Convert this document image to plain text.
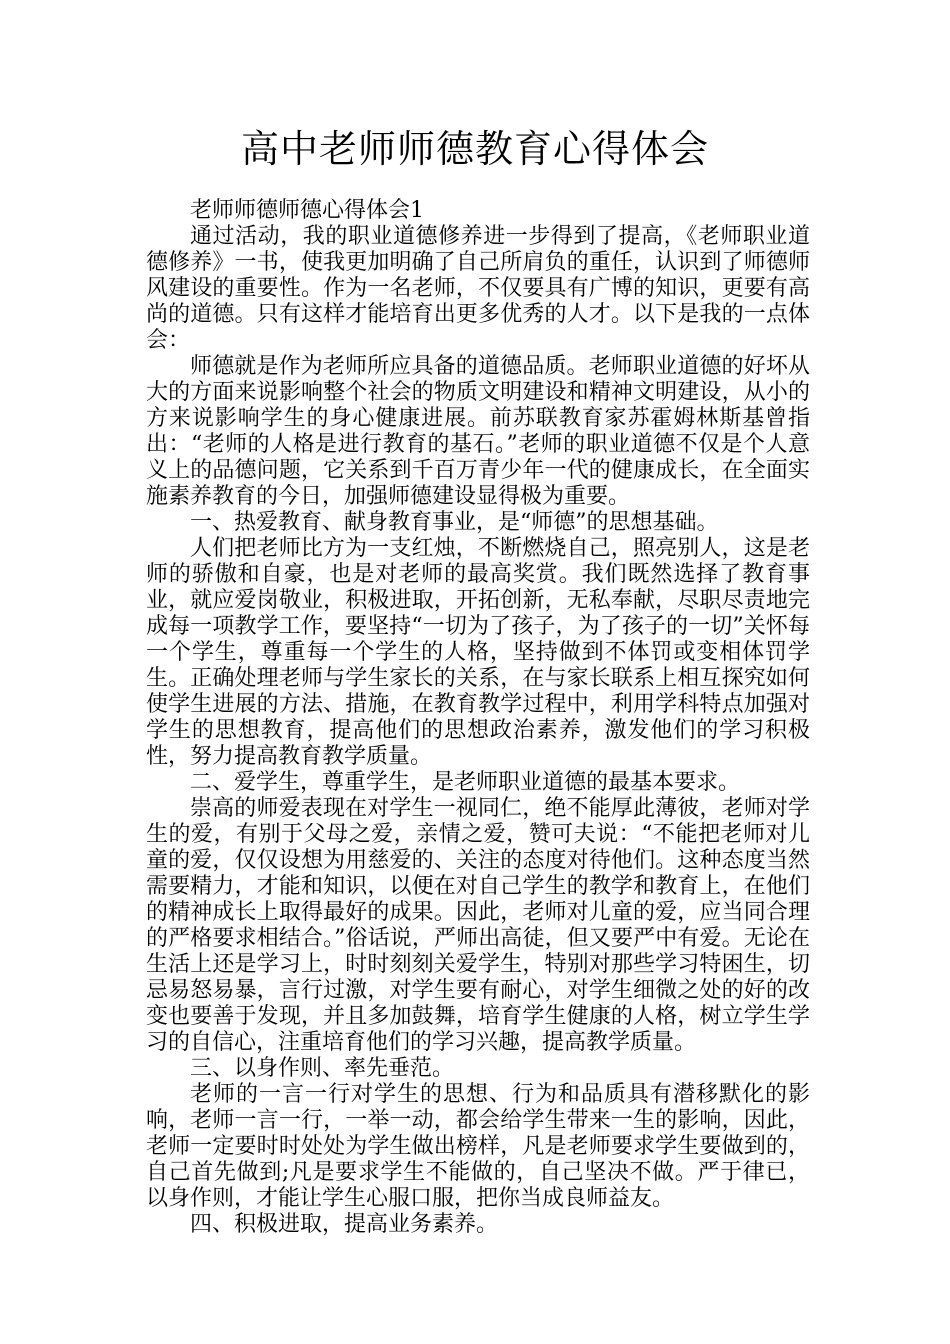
高中老师师德教育心得体会

老师师德师德心得体会1

通过活动，我的职业道德修养进一步得到了提高，《老师职业道德修养》一书，使我更加明确了自己所肩负的重任，认识到了师德师风建设的重要性。作为一名老师，不仅要具有广博的知识，更要有高尚的道德。只有这样才能培育出更多优秀的人才。以下是我的一点体会：

师德就是作为老师所应具备的道德品质。老师职业道德的好坏从大的方面来说影响整个社会的物质文明建设和精神文明建设，从小的方来说影响学生的身心健康进展。前苏联教育家苏霍姆林斯基曾指出：“老师的人格是进行教育的基石。”老师的职业道德不仅是个人意义上的品德问题，它关系到千百万青少年一代的健康成长，在全面实施素养教育的今日，加强师德建设显得极为重要。

一、热爱教育、献身教育事业，是“师德”的思想基础。

人们把老师比方为一支红烛，不断燃烧自己，照亮别人，这是老师的骄傲和自豪，也是对老师的最高奖赏。我们既然选择了教育事业，就应爱岗敬业，积极进取，开拓创新，无私奉献，尽职尽责地完成每一项教学工作，要坚持“一切为了孩子，为了孩子的一切”关怀每一个学生，尊重每一个学生的人格，坚持做到不体罚或变相体罚学生。正确处理老师与学生家长的关系，在与家长联系上相互探究如何使学生进展的方法、措施，在教育教学过程中，利用学科特点加强对学生的思想教育，提高他们的思想政治素养，激发他们的学习积极性，努力提高教育教学质量。

二、爱学生，尊重学生，是老师职业道德的最基本要求。

崇高的师爱表现在对学生一视同仁，绝不能厚此薄彼，老师对学生的爱，有别于父母之爱，亲情之爱，赞可夫说：“不能把老师对儿童的爱，仅仅设想为用慈爱的、关注的态度对待他们。这种态度当然需要精力，才能和知识，以便在对自己学生的教学和教育上，在他们的精神成长上取得最好的成果。因此，老师对儿童的爱，应当同合理的严格要求相结合。”俗话说，严师出高徒，但又要严中有爱。无论在生活上还是学习上，时时刻刻关爱学生，特别对那些学习特困生，切忌易怒易暴，言行过激，对学生要有耐心，对学生细微之处的好的改变也要善于发现，并且多加鼓舞，培育学生健康的人格，树立学生学习的自信心，注重培育他们的学习兴趣，提高教学质量。

三、以身作则、率先垂范。

老师的一言一行对学生的思想、行为和品质具有潜移默化的影响，老师一言一行，一举一动，都会给学生带来一生的影响，因此，老师一定要时时处处为学生做出榜样，凡是老师要求学生要做到的，自己首先做到;凡是要求学生不能做的，自己坚决不做。严于律已，以身作则，才能让学生心服口服，把你当成良师益友。

四、积极进取，提高业务素养。
